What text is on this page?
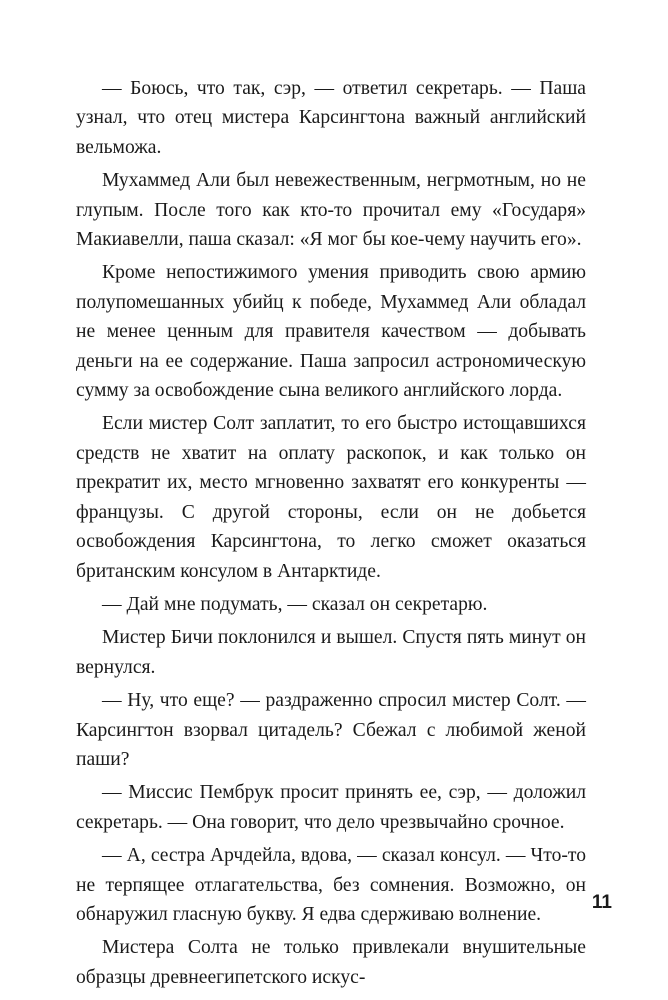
— Боюсь, что так, сэр, — ответил секретарь. — Паша узнал, что отец мистера Карсингтона важный английский вельможа.

Мухаммед Али был невежественным, негрмотным, но не глупым. После того как кто-то прочитал ему «Государя» Макиавелли, паша сказал: «Я мог бы кое-чему научить его».

Кроме непостижимого умения приводить свою армию полупомешанных убийц к победе, Мухаммед Али обладал не менее ценным для правителя качеством — добывать деньги на ее содержание. Паша запросил астрономическую сумму за освобождение сына великого английского лорда.

Если мистер Солт заплатит, то его быстро истощавшихся средств не хватит на оплату раскопок, и как только он прекратит их, место мгновенно захватят его конкуренты — французы. С другой стороны, если он не добьется освобождения Карсингтона, то легко сможет оказаться британским консулом в Антарктиде.

— Дай мне подумать, — сказал он секретарю.

Мистер Бичи поклонился и вышел. Спустя пять минут он вернулся.

— Ну, что еще? — раздраженно спросил мистер Солт. — Карсингтон взорвал цитадель? Сбежал с любимой женой паши?

— Миссис Пембрук просит принять ее, сэр, — доложил секретарь. — Она говорит, что дело чрезвычайно срочное.

— А, сестра Арчдейла, вдова, — сказал консул. — Что-то не терпящее отлагательства, без сомнения. Возможно, он обнаружил гласную букву. Я едва сдерживаю волнение.

Мистера Солта не только привлекали внушительные образцы древнеегипетского искус-

11
